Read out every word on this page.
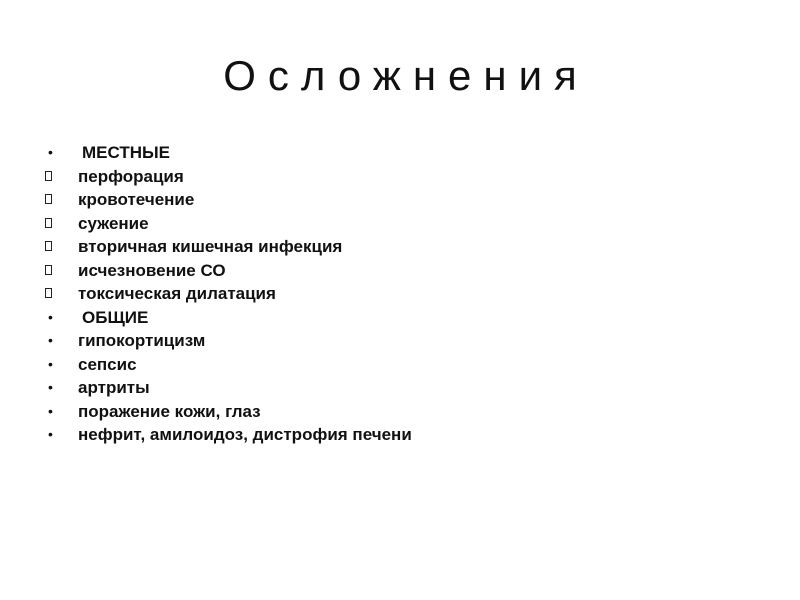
Осложнения
• МЕСТНЫЕ
перфорация
кровотечение
сужение
вторичная кишечная инфекция
исчезновение СО
токсическая дилатация
• ОБЩИЕ
• гипокортицизм
• сепсис
• артриты
• поражение кожи, глаз
• нефрит, амилоидоз, дистрофия печени
